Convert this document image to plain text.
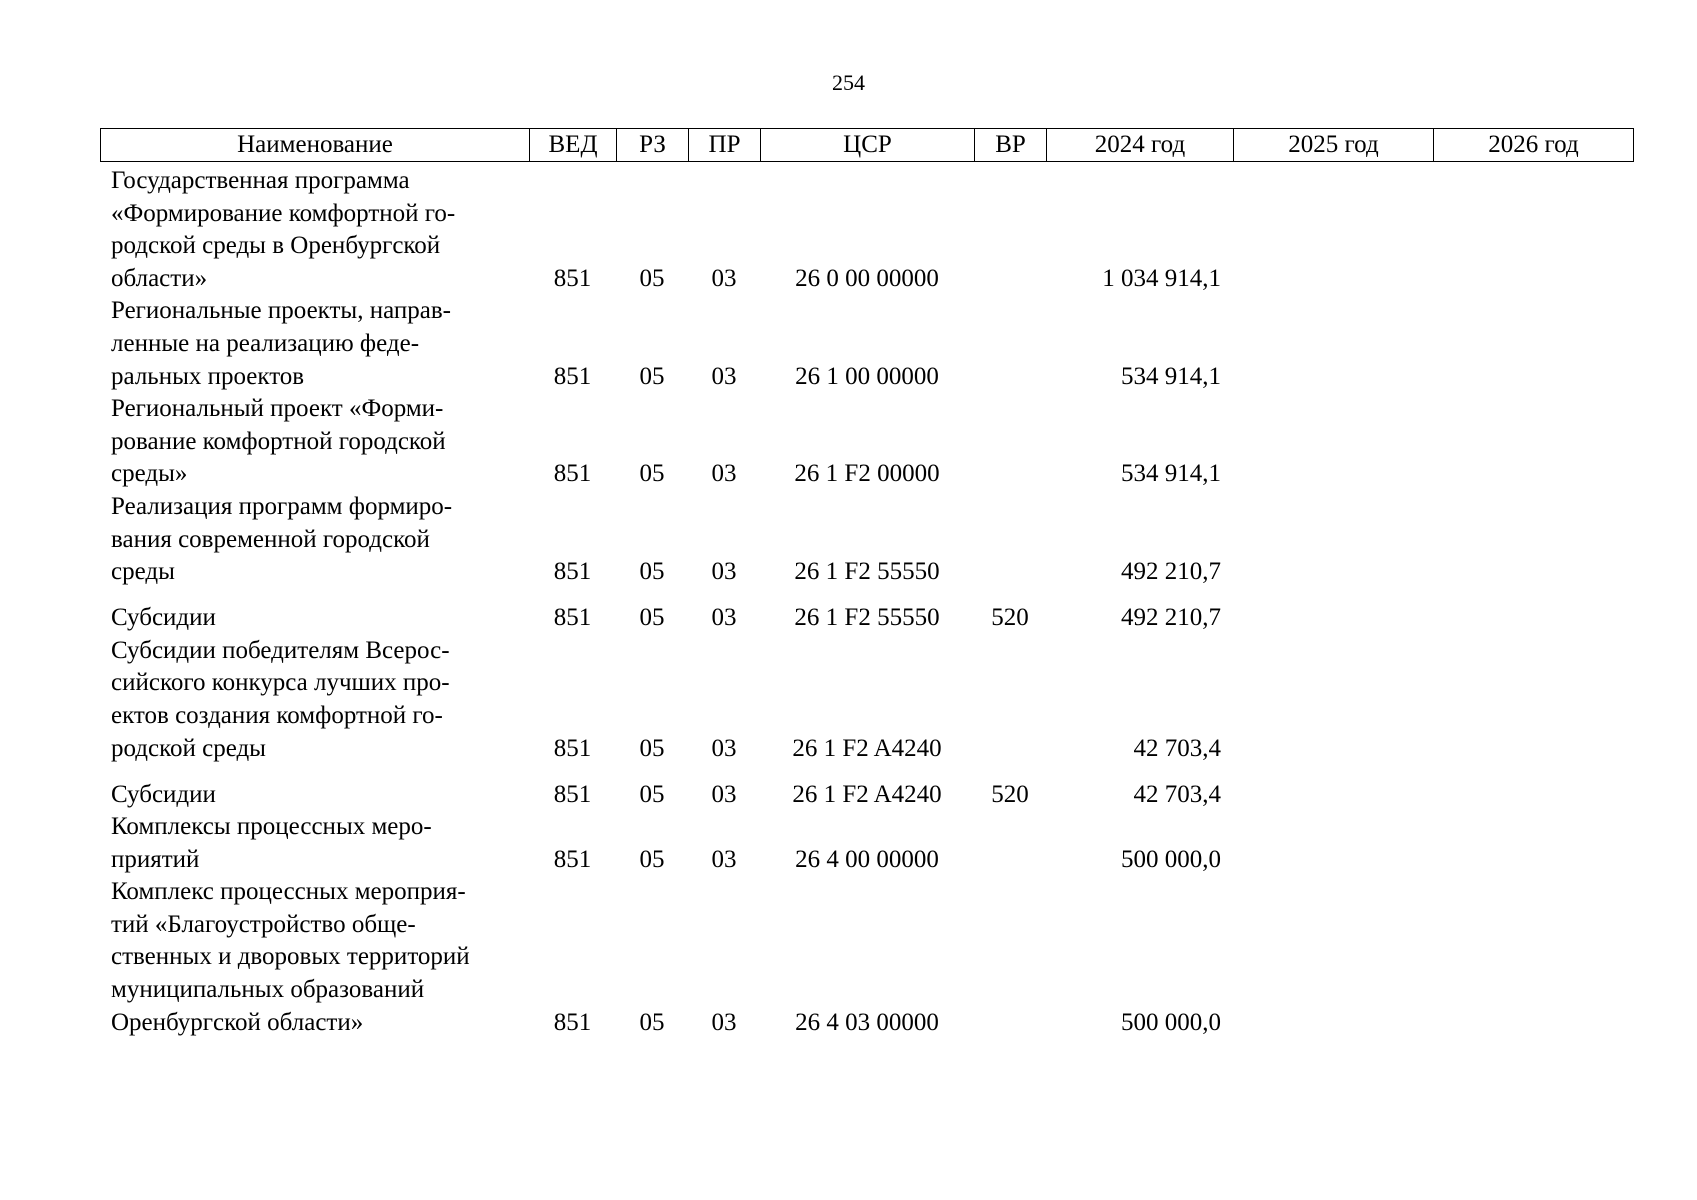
254
Наименование	ВЕД	РЗ	ПР	ЦСР	ВР	2024 год	2025 год	2026 год
Государственная программа
«Формирование комфортной го-
родской среды в Оренбургской
области»	851	05	03	26 0 00 00000		1 034 914,1		
Региональные проекты, направ-
ленные на реализацию феде-
ральных проектов	851	05	03	26 1 00 00000		534 914,1		
Региональный проект «Форми-
рование комфортной городской
среды»	851	05	03	26 1 F2 00000		534 914,1		
Реализация программ формиро-
вания современной городской
среды	851	05	03	26 1 F2 55550		492 210,7		
Субсидии	851	05	03	26 1 F2 55550	520	492 210,7		
Субсидии победителям Всерос-
сийского конкурса лучших про-
ектов создания комфортной го-
родской среды	851	05	03	26 1 F2 A4240		42 703,4		
Субсидии	851	05	03	26 1 F2 A4240	520	42 703,4		
Комплексы процессных меро-
приятий	851	05	03	26 4 00 00000		500 000,0		
Комплекс процессных мероприя-
тий «Благоустройство обще-
ственных и дворовых территорий
муниципальных образований
Оренбургской области»	851	05	03	26 4 03 00000		500 000,0		
